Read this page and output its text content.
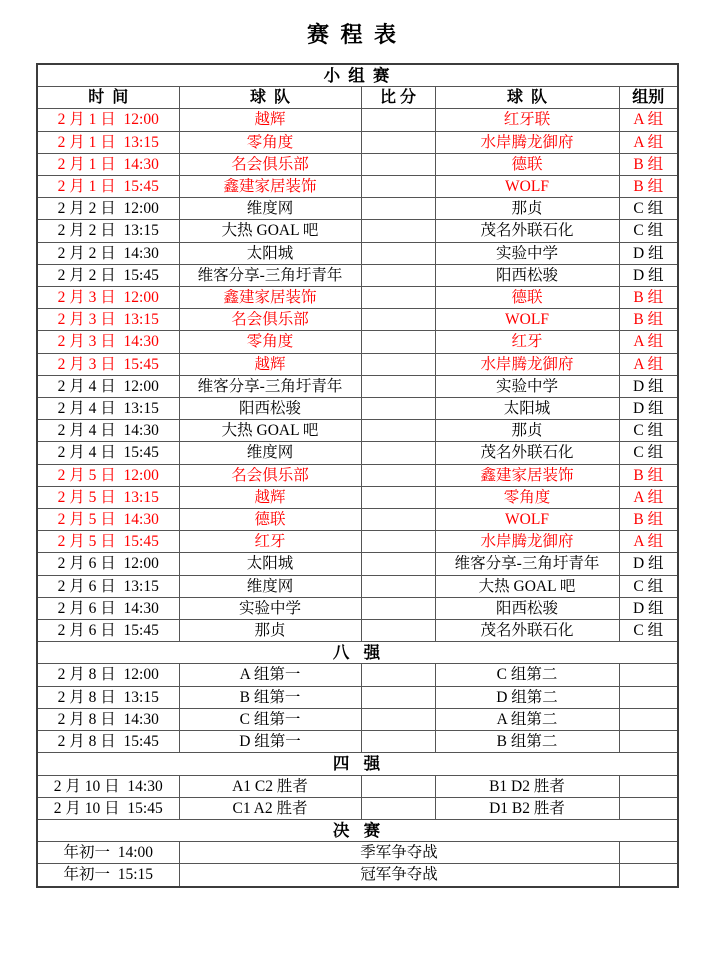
赛 程 表
小 组 赛				
时  间	球  队	比 分	球  队	组别
2 月 1 日  12:00	越辉		红牙联	A 组
2 月 1 日  13:15	零角度		水岸腾龙御府	A 组
2 月 1 日  14:30	名会俱乐部		德联	B 组
2 月 1 日  15:45	鑫建家居装饰		WOLF	B 组
2 月 2 日  12:00	维度网		那贞	C 组
2 月 2 日  13:15	大热 GOAL 吧		茂名外联石化	C 组
2 月 2 日  14:30	太阳城		实验中学	D 组
2 月 2 日  15:45	维客分享-三角圩青年		阳西松骏	D 组
2 月 3 日  12:00	鑫建家居装饰		德联	B 组
2 月 3 日  13:15	名会俱乐部		WOLF	B 组
2 月 3 日  14:30	零角度		红牙	A 组
2 月 3 日  15:45	越辉		水岸腾龙御府	A 组
2 月 4 日  12:00	维客分享-三角圩青年		实验中学	D 组
2 月 4 日  13:15	阳西松骏		太阳城	D 组
2 月 4 日  14:30	大热 GOAL 吧		那贞	C 组
2 月 4 日  15:45	维度网		茂名外联石化	C 组
2 月 5 日  12:00	名会俱乐部		鑫建家居装饰	B 组
2 月 5 日  13:15	越辉		零角度	A 组
2 月 5 日  14:30	德联		WOLF	B 组
2 月 5 日  15:45	红牙		水岸腾龙御府	A 组
2 月 6 日  12:00	太阳城		维客分享-三角圩青年	D 组
2 月 6 日  13:15	维度网		大热 GOAL 吧	C 组
2 月 6 日  14:30	实验中学		阳西松骏	D 组
2 月 6 日  15:45	那贞		茂名外联石化	C 组
八  强				
2 月 8 日  12:00	A 组第一		C 组第二	
2 月 8 日  13:15	B 组第一		D 组第二	
2 月 8 日  14:30	C 组第一		A 组第二	
2 月 8 日  15:45	D 组第一		B 组第二	
四  强				
2 月 10 日  14:30	A1 C2 胜者		B1 D2 胜者	
2 月 10 日  15:45	C1 A2 胜者		D1 B2 胜者	
决  赛				
年初一  14:00	季军争夺战			
年初一  15:15	冠军争夺战			
